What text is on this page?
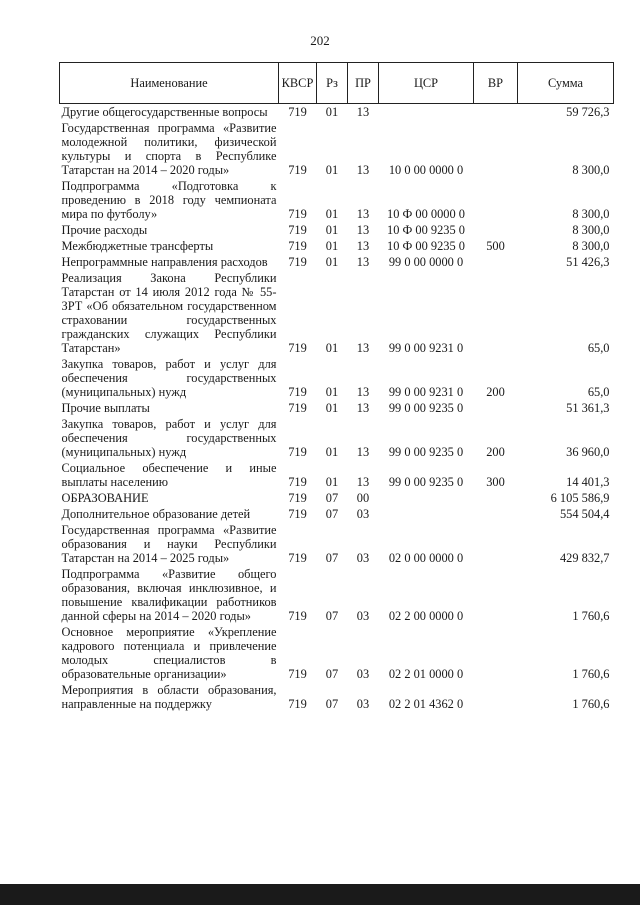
202
Наименование	КВСР	Рз	ПР	ЦСР	ВР	Сумма
Другие общегосударственные вопросы	719	01	13			59 726,3
Государственная программа «Развитие молодежной политики, физической культуры и спорта в Республике Татарстан на 2014 – 2020 годы»	719	01	13	10 0 00 0000 0		8 300,0
Подпрограмма «Подготовка к проведению в 2018 году чемпионата мира по футболу»	719	01	13	10 Ф 00 0000 0		8 300,0
Прочие расходы	719	01	13	10 Ф 00 9235 0		8 300,0
Межбюджетные трансферты	719	01	13	10 Ф 00 9235 0	500	8 300,0
Непрограммные направления расходов	719	01	13	99 0 00 0000 0		51 426,3
Реализация Закона Республики Татарстан от 14 июля 2012 года № 55-ЗРТ «Об обязательном государственном страховании государственных гражданских служащих Республики Татарстан»	719	01	13	99 0 00 9231 0		65,0
Закупка товаров, работ и услуг для обеспечения государственных (муниципальных) нужд	719	01	13	99 0 00 9231 0	200	65,0
Прочие выплаты	719	01	13	99 0 00 9235 0		51 361,3
Закупка товаров, работ и услуг для обеспечения государственных (муниципальных) нужд	719	01	13	99 0 00 9235 0	200	36 960,0
Социальное обеспечение и иные выплаты населению	719	01	13	99 0 00 9235 0	300	14 401,3
ОБРАЗОВАНИЕ	719	07	00			6 105 586,9
Дополнительное образование детей	719	07	03			554 504,4
Государственная программа «Развитие образования и науки Республики Татарстан на 2014 – 2025 годы»	719	07	03	02 0 00 0000 0		429 832,7
Подпрограмма «Развитие общего образования, включая инклюзивное, и повышение квалификации работников данной сферы на 2014 – 2020 годы»	719	07	03	02 2 00 0000 0		1 760,6
Основное мероприятие «Укрепление кадрового потенциала и привлечение молодых специалистов в образовательные организации»	719	07	03	02 2 01 0000 0		1 760,6
Мероприятия в области образования, направленные на поддержку	719	07	03	02 2 01 4362 0		1 760,6
